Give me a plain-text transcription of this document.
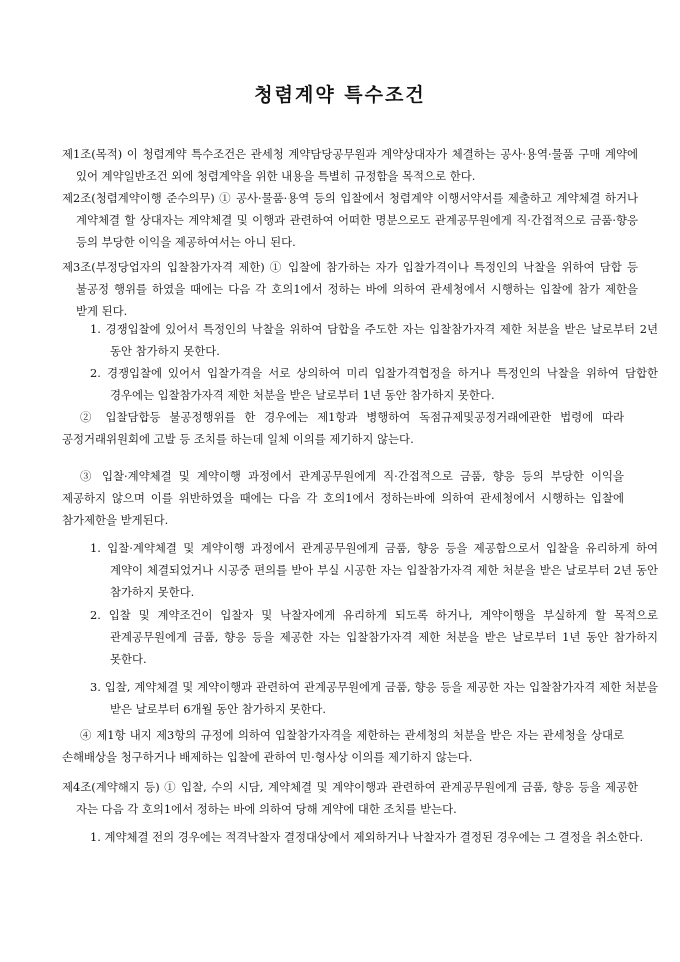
청렴계약 특수조건
제1조(목적) 이 청렴계약 특수조건은 관세청 계약담당공무원과 계약상대자가 체결하는 공사·용역·물품 구매 계약에 있어 계약일반조건 외에 청렴계약을 위한 내용을 특별히 규정함을 목적으로 한다.
제2조(청렴계약이행 준수의무) ① 공사·물품·용역 등의 입찰에서 청렴계약 이행서약서를 제출하고 계약체결 하거나 계약체결 할 상대자는 계약체결 및 이행과 관련하여 어떠한 명분으로도 관계공무원에게 직·간접적으로 금품·향응 등의 부당한 이익을 제공하여서는 아니 된다.
제3조(부정당업자의 입찰참가자격 제한) ① 입찰에 참가하는 자가 입찰가격이나 특정인의 낙찰을 위하여 담합 등 불공정 행위를 하였을 때에는 다음 각 호의1에서 정하는 바에 의하여 관세청에서 시행하는 입찰에 참가 제한을 받게 된다.
1. 경쟁입찰에 있어서 특정인의 낙찰을 위하여 담합을 주도한 자는 입찰참가자격 제한 처분을 받은 날로부터 2년 동안 참가하지 못한다.
2. 경쟁입찰에 있어서 입찰가격을 서로 상의하여 미리 입찰가격협정을 하거나 특정인의 낙찰을 위하여 담합한 경우에는 입찰참가자격 제한 처분을 받은 날로부터 1년 동안 참가하지 못한다.
② 입찰담합등 불공정행위를 한 경우에는 제1항과 병행하여 독점규제및공정거래에관한 법령에 따라 공정거래위원회에 고발 등 조치를 하는데 일체 이의를 제기하지 않는다.
③ 입찰·계약체결 및 계약이행 과정에서 관계공무원에게 직·간접적으로 금품, 향응 등의 부당한 이익을 제공하지 않으며 이를 위반하였을 때에는 다음 각 호의1에서 정하는바에 의하여 관세청에서 시행하는 입찰에 참가제한을 받게된다.
1. 입찰·계약체결 및 계약이행 과정에서 관계공무원에게 금품, 향응 등을 제공함으로서 입찰을 유리하게 하여 계약이 체결되었거나 시공중 편의를 받아 부실 시공한 자는 입찰참가자격 제한 처분을 받은 날로부터 2년 동안 참가하지 못한다.
2. 입찰 및 계약조건이 입찰자 및 낙찰자에게 유리하게 되도록 하거나, 계약이행을 부실하게 할 목적으로 관계공무원에게 금품, 향응 등을 제공한 자는 입찰참가자격 제한 처분을 받은 날로부터 1년 동안 참가하지 못한다.
3. 입찰, 계약체결 및 계약이행과 관련하여 관계공무원에게 금품, 향응 등을 제공한 자는 입찰참가자격 제한 처분을 받은 날로부터 6개월 동안 참가하지 못한다.
④ 제1항 내지 제3항의 규정에 의하여 입찰참가자격을 제한하는 관세청의 처분을 받은 자는 관세청을 상대로 손해배상을 청구하거나 배제하는 입찰에 관하여 민·형사상 이의를 제기하지 않는다.
제4조(계약해지 등) ① 입찰, 수의 시담, 계약체결 및 계약이행과 관련하여 관계공무원에게 금품, 향응 등을 제공한 자는 다음 각 호의1에서 정하는 바에 의하여 당해 계약에 대한 조치를 받는다.
1. 계약체결 전의 경우에는 적격낙찰자 결정대상에서 제외하거나 낙찰자가 결정된 경우에는 그 결정을 취소한다.
